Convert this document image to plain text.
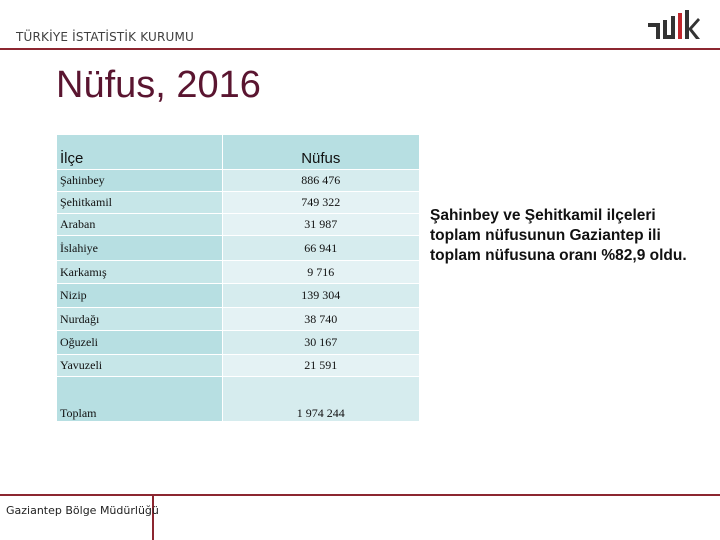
TÜRKİYE İSTATİSTİK KURUMU
Nüfus, 2016
İlçe	Nüfus
Şahinbey	886 476
Şehitkamil	749 322
Araban	31 987
İslahiye	66 941
Karkamış	9 716
Nizip	139 304
Nurdağı	38 740
Oğuzeli	30 167
Yavuzeli	21 591
Toplam	1 974 244
Şahinbey ve Şehitkamil ilçeleri toplam nüfusunun Gaziantep ili toplam nüfusuna oranı %82,9 oldu.
Gaziantep Bölge Müdürlüğü
